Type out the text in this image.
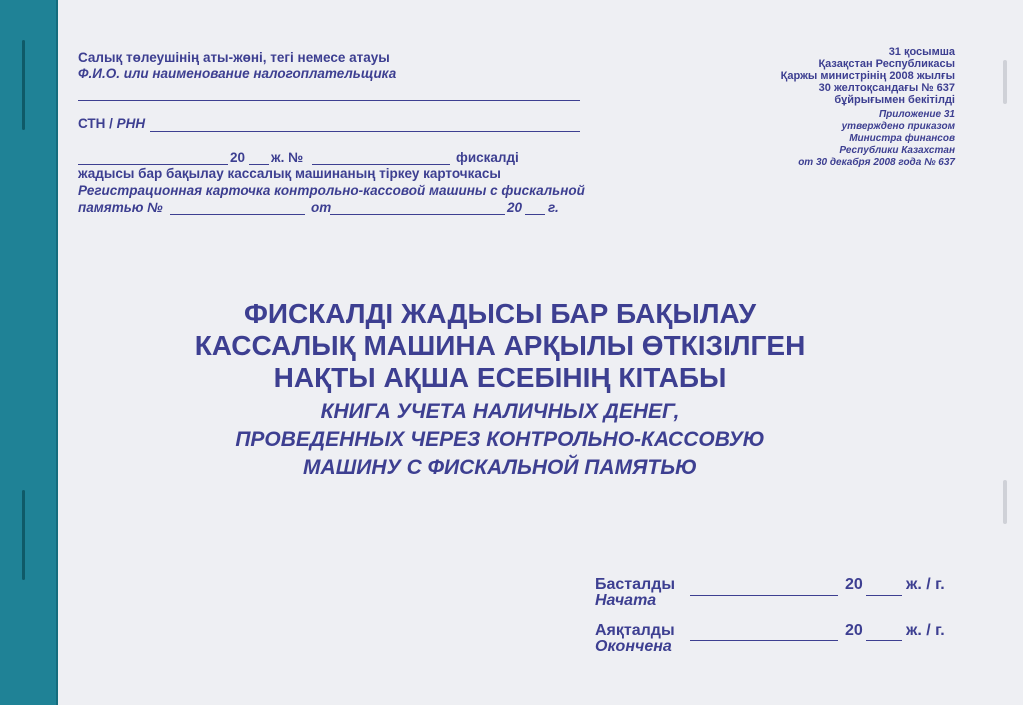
Салық төлеушінің аты-жөні, тегі немесе атауы
Ф.И.О. или наименование налогоплательщика
СТН / РНН
20 ж. №	фискалді
жадысы бар бақылау кассалық машинаның тіркеу карточкасы
Регистрационная карточка контрольно-кассовой машины с фискальной
памятью №	от	20 г.
31 қосымша
Қазақстан Республикасы
Қаржы министрінің 2008 жылғы
30 желтоқсандағы № 637
бұйрығымен бекітілді
Приложение 31
утверждено приказом
Министра финансов
Республики Казахстан
от 30 декабря 2008 года № 637
ФИСКАЛДІ ЖАДЫСЫ БАР БАҚЫЛАУ
КАССАЛЫҚ МАШИНА АРҚЫЛЫ ӨТКІЗІЛГЕН
НАҚТЫ АҚША ЕСЕБІНІҢ КІТАБЫ
КНИГА УЧЕТА НАЛИЧНЫХ ДЕНЕГ,
ПРОВЕДЕННЫХ ЧЕРЕЗ КОНТРОЛЬНО-КАССОВУЮ
МАШИНУ С ФИСКАЛЬНОЙ ПАМЯТЬЮ
Басталды
Начата
20	ж. / г.
Аяқталды
Окончена
20	ж. / г.
